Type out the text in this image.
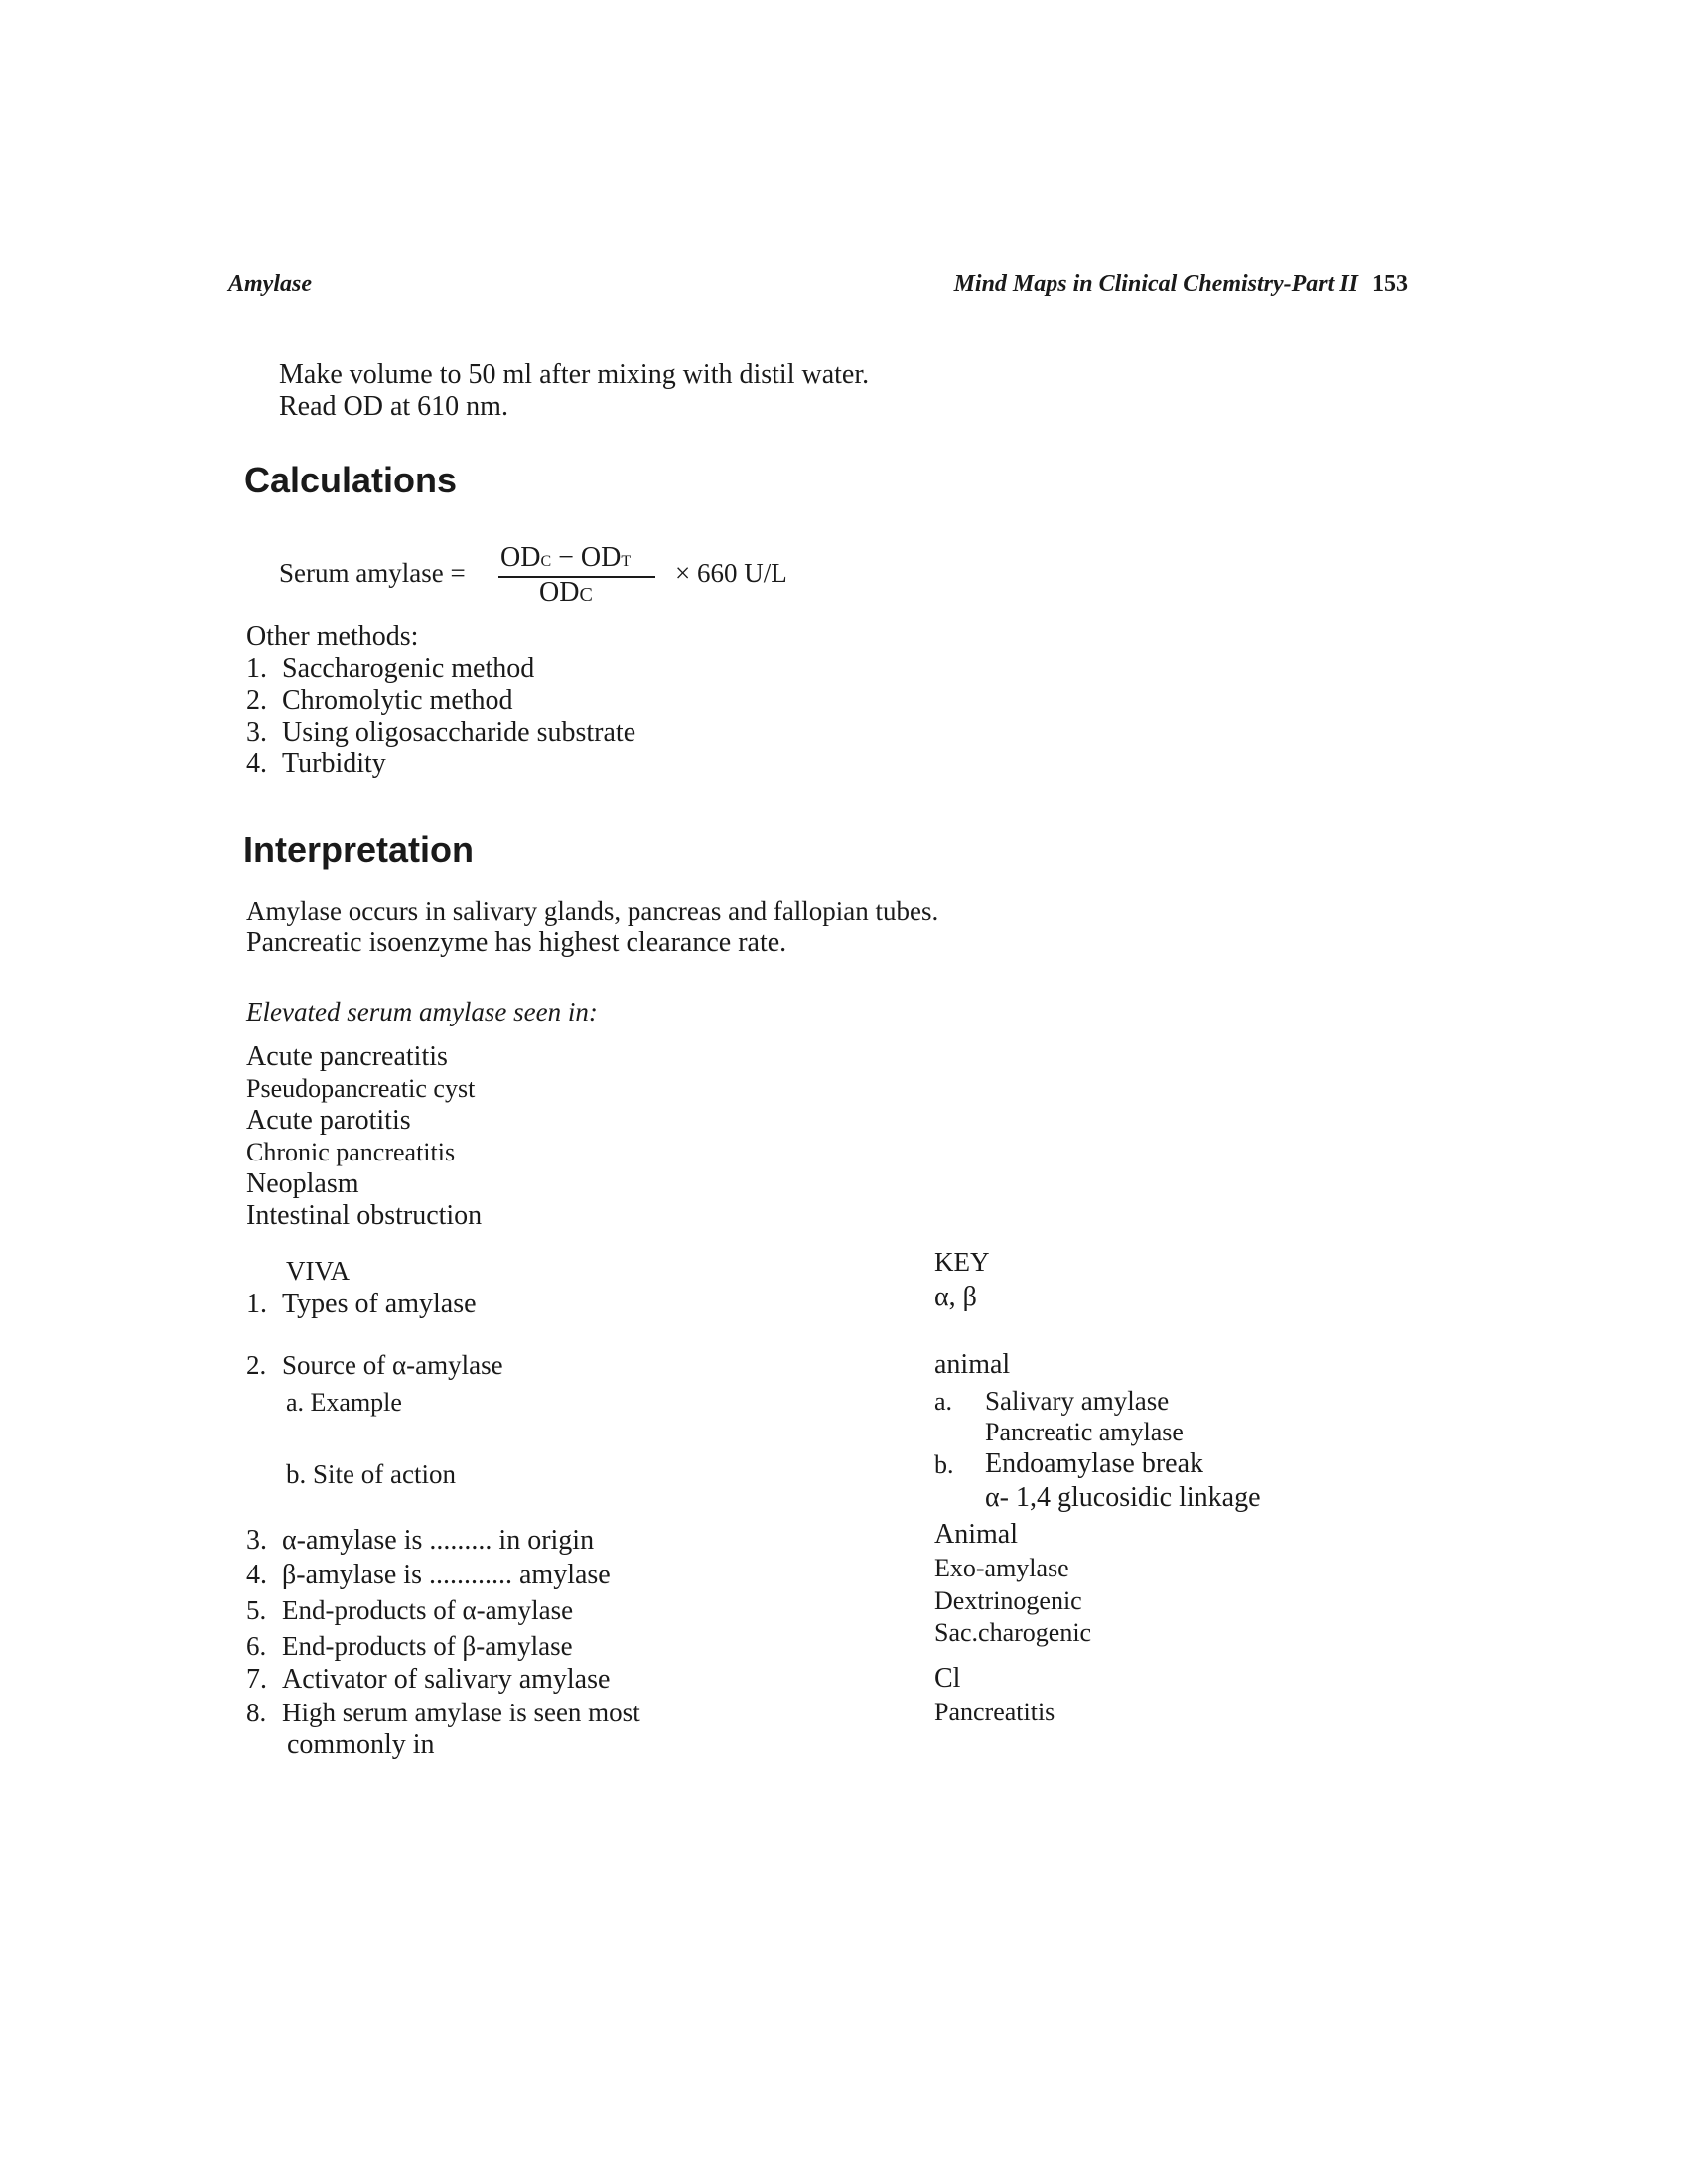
Amylase	Mind Maps in Clinical Chemistry-Part II 153
Make volume to 50 ml after mixing with distil water.
Read OD at 610 nm.
Calculations
Serum amylase = ODC − ODT
ODC
× 660 U/L
Other methods:
1. Saccharogenic method
2. Chromolytic method
3. Using oligosaccharide substrate
4. Turbidity
Interpretation
Amylase occurs in salivary glands, pancreas and fallopian tubes.
Pancreatic isoenzyme has highest clearance rate.
Elevated serum amylase seen in:
Acute pancreatitis
Pseudopancreatic cyst
Acute parotitis
Chronic pancreatitis
Neoplasm
Intestinal obstruction
VIVA
1. Types of amylase
2. Source of α-amylase
a. Example
b. Site of action
3. α-amylase is ......... in origin
4. β-amylase is ............ amylase
5. End-products of α-amylase
6. End-products of β-amylase
7. Activator of salivary amylase
8. High serum amylase is seen most
commonly in
KEY
α, β
animal
a. Salivary amylase
Pancreatic amylase
b. Endoamylase break
α- 1,4 glucosidic linkage
Animal
Exo-amylase
Dextrinogenic
Sac.charogenic
Cl
Pancreatitis
